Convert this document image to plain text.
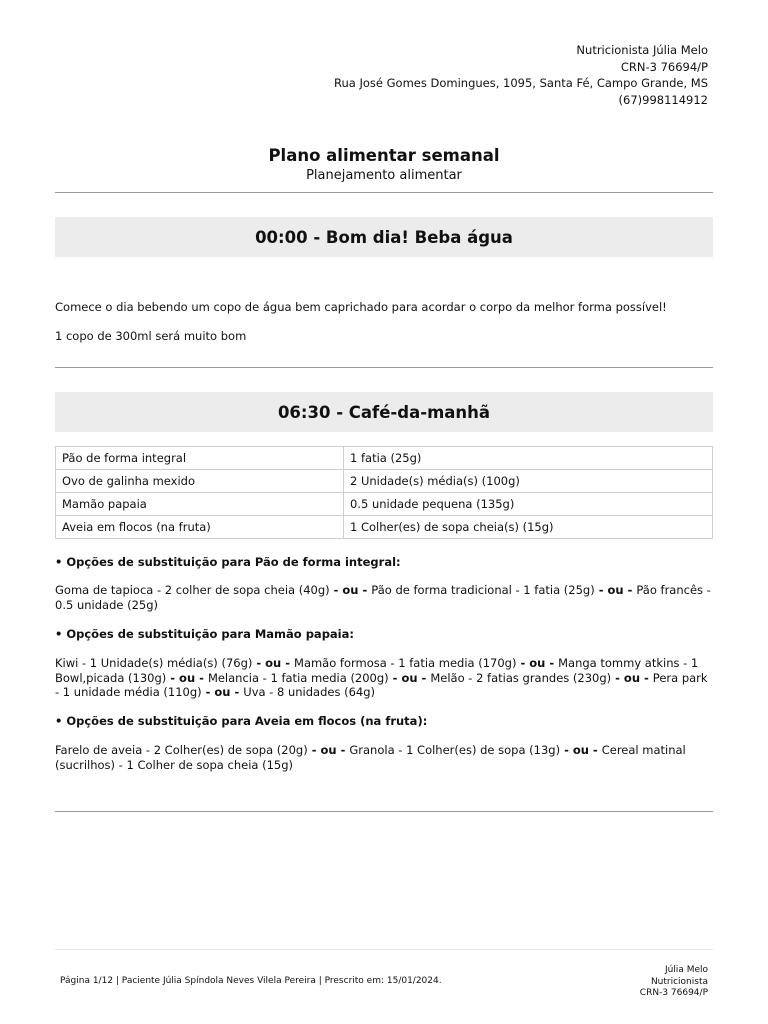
Nutricionista Júlia Melo
CRN-3 76694/P
Rua José Gomes Domingues, 1095, Santa Fé, Campo Grande, MS
(67)998114912
Plano alimentar semanal
Planejamento alimentar
00:00 - Bom dia! Beba água
Comece o dia bebendo um copo de água bem caprichado para acordar o corpo da melhor forma possível!
1 copo de 300ml será muito bom
06:30 - Café-da-manhã
Pão de forma integral	1 fatia (25g)
Ovo de galinha mexido	2 Unidade(s) média(s) (100g)
Mamão papaia	0.5 unidade pequena (135g)
Aveia em flocos (na fruta)	1 Colher(es) de sopa cheia(s) (15g)
• Opções de substituição para Pão de forma integral:
Goma de tapioca - 2 colher de sopa cheia (40g) - ou - Pão de forma tradicional - 1 fatia (25g) - ou - Pão francês - 0.5 unidade (25g)
• Opções de substituição para Mamão papaia:
Kiwi - 1 Unidade(s) média(s) (76g) - ou - Mamão formosa - 1 fatia media (170g) - ou - Manga tommy atkins - 1 Bowl,picada (130g) - ou - Melancia - 1 fatia media (200g) - ou - Melão - 2 fatias grandes (230g) - ou - Pera park - 1 unidade média (110g) - ou - Uva - 8 unidades (64g)
• Opções de substituição para Aveia em flocos (na fruta):
Farelo de aveia - 2 Colher(es) de sopa (20g) - ou - Granola - 1 Colher(es) de sopa (13g) - ou - Cereal matinal (sucrilhos) - 1 Colher de sopa cheia (15g)
Página 1/12 | Paciente Júlia Spíndola Neves Vilela Pereira | Prescrito em: 15/01/2024.
Júlia Melo
Nutricionista
CRN-3 76694/P
